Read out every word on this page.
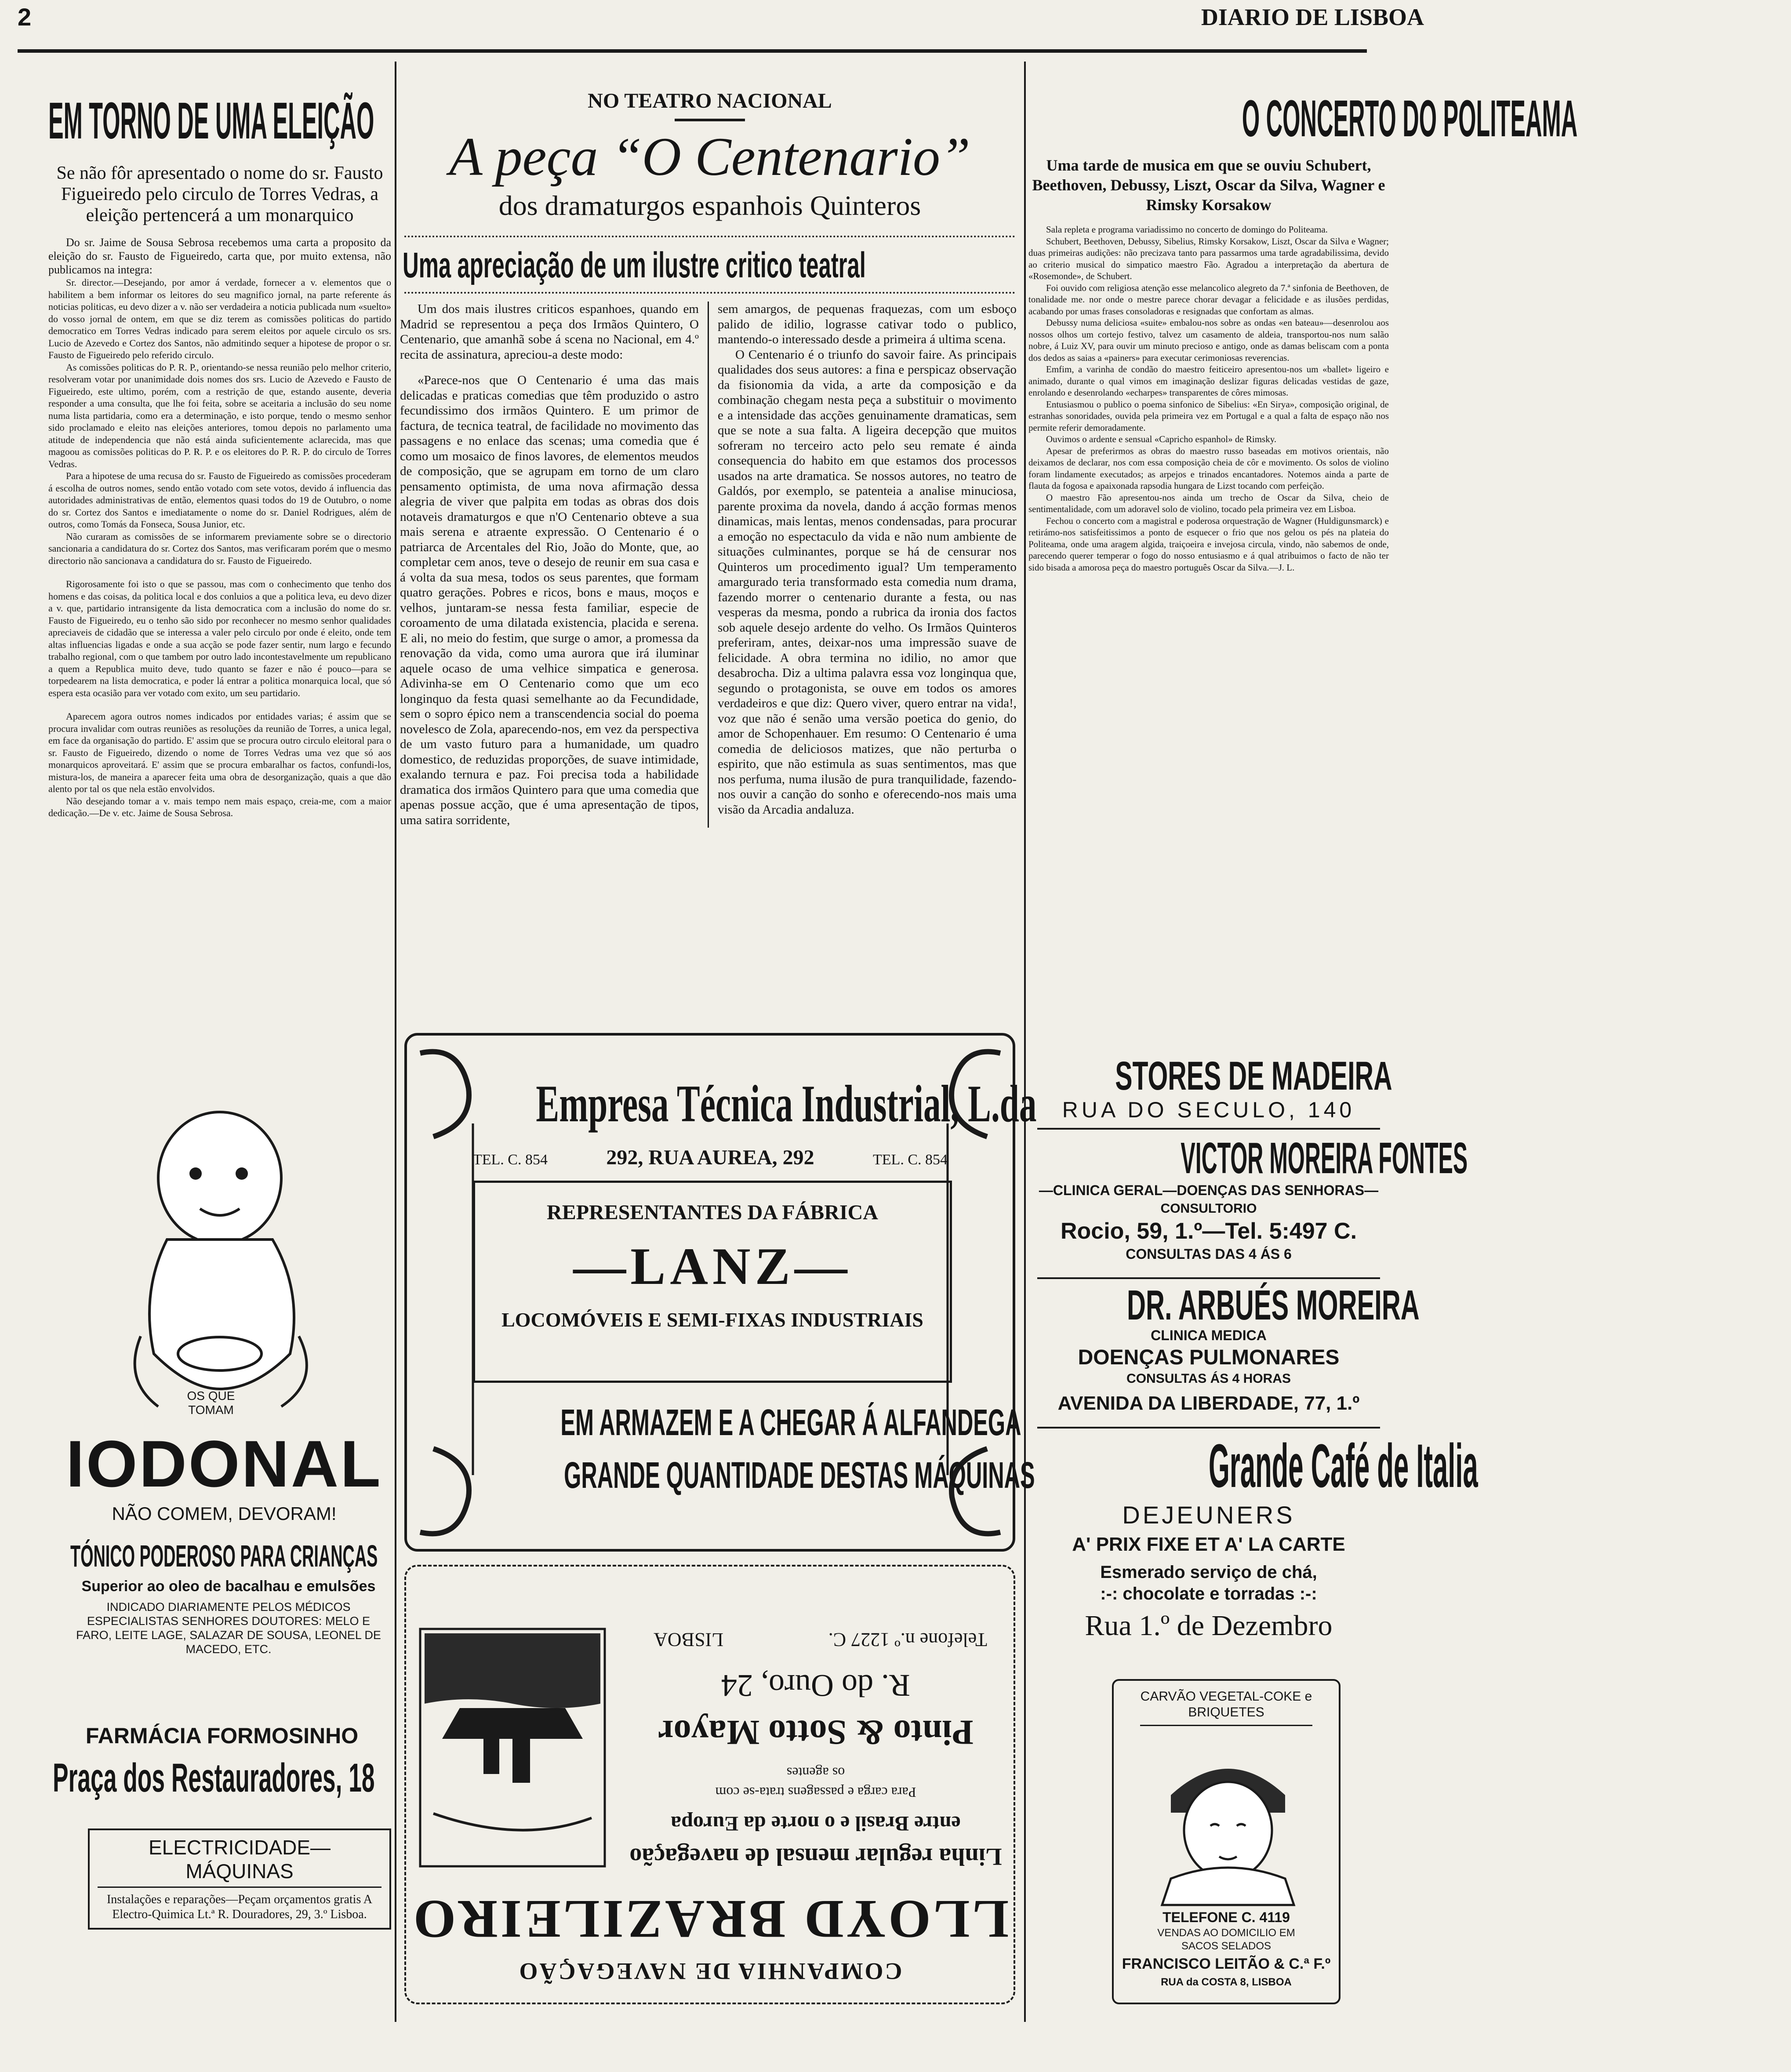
2	DIARIO DE LISBOA
EM TORNO DE UMA ELEIÇÃO
Se não fôr apresentado o nome do sr. Fausto Figueiredo pelo circulo de Torres Vedras, a eleição pertencerá a um monarquico

Do sr. Jaime de Sousa Sebrosa recebemos uma carta a proposito da eleição do sr. Fausto de Figueiredo, carta que, por muito extensa, não publicamos na integra:

Sr. director.—Desejando, por amor á verdade, fornecer a v. elementos que o habilitem a bem informar os leitores do seu magnifico jornal, na parte referente ás noticias politicas, eu devo dizer a v. não ser verdadeira a noticia publicada num «suelto» do vosso jornal de ontem, em que se diz terem as comissões politicas do partido democratico em Torres Vedras indicado para serem eleitos por aquele circulo os srs. Lucio de Azevedo e Cortez dos Santos, não admitindo sequer a hipotese de propor o sr. Fausto de Figueiredo pelo referido circulo.

As comissões politicas do P. R. P., orientando-se nessa reunião pelo melhor criterio, resolveram votar por unanimidade dois nomes dos srs. Lucio de Azevedo e Fausto de Figueiredo, este ultimo, porém, com a restrição de que, estando ausente, deveria responder a uma consulta, que lhe foi feita, sobre se aceitaria a inclusão do seu nome numa lista partidaria, como era a determinação, e isto porque, tendo o mesmo senhor sido proclamado e eleito nas eleições anteriores, tomou depois no parlamento uma atitude de independencia que não está ainda suficientemente aclarecida, mas que magoou as comissões politicas do P. R. P. e os eleitores do P. R. P. do circulo de Torres Vedras.

Para a hipotese de uma recusa do sr. Fausto de Figueiredo as comissões procederam á escolha de outros nomes, sendo então votado com sete votos, devido á influencia das autoridades administrativas de então, elementos quasi todos do 19 de Outubro, o nome do sr. Cortez dos Santos e imediatamente o nome do sr. Daniel Rodrigues, além de outros, como Tomás da Fonseca, Sousa Junior, etc.

Não curaram as comissões de se informarem previamente sobre se o directorio sancionaria a candidatura do sr. Cortez dos Santos, mas verificaram porém que o mesmo directorio não sancionava a candidatura do sr. Fausto de Figueiredo.

Rigorosamente foi isto o que se passou, mas com o conhecimento que tenho dos homens e das coisas, da politica local e dos conluios a que a politica leva, eu devo dizer a v. que, partidario intransigente da lista democratica com a inclusão do nome do sr. Fausto de Figueiredo, eu o tenho são sido por reconhecer no mesmo senhor qualidades apreciaveis de cidadão que se interessa a valer pelo circulo por onde é eleito, onde tem altas influencias ligadas e onde a sua acção se pode fazer sentir, num largo e fecundo trabalho regional, com o que tambem por outro lado incontestavelmente um republicano a quem a Republica muito deve, tudo quanto se fazer e não é pouco—para se torpedearem na lista democratica, e poder lá entrar a politica monarquica local, que só espera esta ocasião para ver votado com exito, um seu partidario.

Aparecem agora outros nomes indicados por entidades varias; é assim que se procura invalidar com outras reuniões as resoluções da reunião de Torres, a unica legal, em face da organisação do partido. E' assim que se procura outro circulo eleitoral para o sr. Fausto de Figueiredo, dizendo o nome de Torres Vedras uma vez que só aos monarquicos aproveitará. E' assim que se procura embaralhar os factos, confundi-los, mistura-los, de maneira a aparecer feita uma obra de desorganização, quais a que dão alento por tal os que nela estão envolvidos.

Não desejando tomar a v. mais tempo nem mais espaço, creia-me, com a maior dedicação.—De v. etc. Jaime de Sousa Sebrosa.

OS QUE TOMAM
IODONAL
NÃO COMEM, DEVORAM!
TÓNICO PODEROSO PARA CRIANÇAS
Superior ao oleo de bacalhau e emulsões
INDICADO DIARIAMENTE PELOS MÉDICOS ESPECIALISTAS SENHORES DOUTORES: MELO E FARO, LEITE LAGE, SALAZAR DE SOUSA, LEONEL DE MACEDO, ETC.
FARMÁCIA FORMOSINHO
Praça dos Restauradores, 18
ELECTRICIDADE—MÁQUINAS
Instalações e reparações—Peçam orçamentos gratis A Electro-Quimica Lt.ª R. Douradores, 29, 3.º Lisboa.
NO TEATRO NACIONAL
A peça “O Centenario”
dos dramaturgos espanhois Quinteros
Uma apreciação de um ilustre critico teatral

Um dos mais ilustres criticos espanhoes, quando em Madrid se representou a peça dos Irmãos Quintero, O Centenario, que amanhã sobe á scena no Nacional, em 4.º recita de assinatura, apreciou-a deste modo:

«Parece-nos que O Centenario é uma das mais delicadas e praticas comedias que têm produzido o astro fecundissimo dos irmãos Quintero. E um primor de factura, de tecnica teatral, de facilidade no movimento das passagens e no enlace das scenas; uma comedia que é como um mosaico de finos lavores, de elementos meudos de composição, que se agrupam em torno de um claro pensamento optimista, de uma nova afirmação dessa alegria de viver que palpita em todas as obras dos dois notaveis dramaturgos e que n'O Centenario obteve a sua mais serena e atraente expressão. O Centenario é o patriarca de Arcentales del Rio, João do Monte, que, ao completar cem anos, teve o desejo de reunir em sua casa e á volta da sua mesa, todos os seus parentes, que formam quatro gerações. Pobres e ricos, bons e maus, moços e velhos, juntaram-se nessa festa familiar, especie de coroamento de uma dilatada existencia, placida e serena. E ali, no meio do festim, que surge o amor, a promessa da renovação da vida, como uma aurora que irá iluminar aquele ocaso de uma velhice simpatica e generosa. Adivinha-se em O Centenario como que um eco longinquo da festa quasi semelhante ao da Fecundidade, sem o sopro épico nem a transcendencia social do poema novelesco de Zola, aparecendo-nos, em vez da perspectiva de um vasto futuro para a humanidade, um quadro domestico, de reduzidas proporções, de suave intimidade, exalando ternura e paz. Foi precisa toda a habilidade dramatica dos irmãos Quintero para que uma comedia que apenas possue acção, que é uma apresentação de tipos, uma satira sorridente,

sem amargos, de pequenas fraquezas, com um esboço palido de idilio, lograsse cativar todo o publico, mantendo-o interessado desde a primeira á ultima scena.

O Centenario é o triunfo do savoir faire. As principais qualidades dos seus autores: a fina e perspicaz observação da fisionomia da vida, a arte da composição e da combinação chegam nesta peça a substituir o movimento e a intensidade das acções genuinamente dramaticas, sem que se note a sua falta. A ligeira decepção que muitos sofreram no terceiro acto pelo seu remate é ainda consequencia do habito em que estamos dos processos usados na arte dramatica. Se nossos autores, no teatro de Galdós, por exemplo, se patenteia a analise minuciosa, parente proxima da novela, dando á acção formas menos dinamicas, mais lentas, menos condensadas, para procurar a emoção no espectaculo da vida e não num ambiente de situações culminantes, porque se há de censurar nos Quinteros um procedimento igual? Um temperamento amargurado teria transformado esta comedia num drama, fazendo morrer o centenario durante a festa, ou nas vesperas da mesma, pondo a rubrica da ironia dos factos sob aquele desejo ardente do velho. Os Irmãos Quinteros preferiram, antes, deixar-nos uma impressão suave de felicidade. A obra termina no idilio, no amor que desabrocha. Diz a ultima palavra essa voz longinqua que, segundo o protagonista, se ouve em todos os amores verdadeiros e que diz: Quero viver, quero entrar na vida!, voz que não é senão uma versão poetica do genio, do amor de Schopenhauer. Em resumo: O Centenario é uma comedia de deliciosos matizes, que não perturba o espirito, que não estimula as suas sentimentos, mas que nos perfuma, numa ilusão de pura tranquilidade, fazendo-nos ouvir a canção do sonho e oferecendo-nos mais uma visão da Arcadia andaluza.

Empresa Técnica Industrial, L.da
TEL. C. 854	292, RUA AUREA, 292	TEL. C. 854
REPRESENTANTES DA FÁBRICA
—LANZ—
LOCOMÓVEIS E SEMI-FIXAS INDUSTRIAIS
EM ARMAZEM E A CHEGAR Á ALFANDEGA
GRANDE QUANTIDADE DESTAS MÁQUINAS
COMPANHIA DE NAVEGAÇÃO
LLOYD BRAZILEIRO
Linha regular mensal de navegação
entre Brasil e o norte da Europa
Para carga e passagens trata-se com
os agentes
Pinto & Sotto Mayor
R. do Ouro, 24
Telefone n.º 1227 C.
LISBOA
O CONCERTO DO POLITEAMA
Uma tarde de musica em que se ouviu Schubert, Beethoven, Debussy, Liszt, Oscar da Silva, Wagner e Rimsky Korsakow

Sala repleta e programa variadissimo no concerto de domingo do Politeama.

Schubert, Beethoven, Debussy, Sibelius, Rimsky Korsakow, Liszt, Oscar da Silva e Wagner; duas primeiras audições: não precizava tanto para passarmos uma tarde agradabilissima, devido ao criterio musical do simpatico maestro Fão. Agradou a interpretação da abertura de «Rosemonde», de Schubert.

Foi ouvido com religiosa atenção esse melancolico alegreto da 7.ª sinfonia de Beethoven, de tonalidade me. nor onde o mestre parece chorar devagar a felicidade e as ilusões perdidas, acabando por umas frases consoladoras e resignadas que confortam as almas.

Debussy numa deliciosa «suite» embalou-nos sobre as ondas «en bateau»—desenrolou aos nossos olhos um cortejo festivo, talvez um casamento de aldeia, transportou-nos num salão nobre, á Luiz XV, para ouvir um minuto precioso e antigo, onde as damas beliscam com a ponta dos dedos as saias a «painers» para executar cerimoniosas reverencias.

Emfim, a varinha de condão do maestro feiticeiro apresentou-nos um «ballet» ligeiro e animado, durante o qual vimos em imaginação deslizar figuras delicadas vestidas de gaze, enrolando e desenrolando «echarpes» transparentes de côres mimosas.

Entusiasmou o publico o poema sinfonico de Sibelius: «En Sirya», composição original, de estranhas sonoridades, ouvida pela primeira vez em Portugal e a qual a falta de espaço não nos permite referir demoradamente.

Ouvimos o ardente e sensual «Capricho espanhol» de Rimsky.

Apesar de preferirmos as obras do maestro russo baseadas em motivos orientais, não deixamos de declarar, nos com essa composição cheia de côr e movimento. Os solos de violino foram lindamente executados; as arpejos e trinados encantadores. Notemos ainda a parte de flauta da fogosa e apaixonada rapsodia hungara de Lizst tocando com perfeição.

O maestro Fão apresentou-nos ainda um trecho de Oscar da Silva, cheio de sentimentalidade, com um adoravel solo de violino, tocado pela primeira vez em Lisboa.

Fechou o concerto com a magistral e poderosa orquestração de Wagner (Huldigunsmarck) e retirámo-nos satisfeitissimos a ponto de esquecer o frio que nos gelou os pés na plateia do Politeama, onde uma aragem algida, traiçoeira e invejosa circula, vindo, não sabemos de onde, parecendo querer temperar o fogo do nosso entusiasmo e á qual atribuimos o facto de não ter sido bisada a amorosa peça do maestro português Oscar da Silva.—J. L.

STORES DE MADEIRA
RUA DO SECULO, 140
VICTOR MOREIRA FONTES
—CLINICA GERAL—DOENÇAS DAS SENHORAS—
CONSULTORIO
Rocio, 59, 1.º—Tel. 5:497 C.
CONSULTAS DAS 4 ÁS 6
DR. ARBUÉS MOREIRA
CLINICA MEDICA
DOENÇAS PULMONARES
CONSULTAS ÁS 4 HORAS
AVENIDA DA LIBERDADE, 77, 1.º
Grande Café de Italia
DEJEUNERS
A' PRIX FIXE ET A' LA CARTE
Esmerado serviço de chá,
:-: chocolate e torradas :-:
Rua 1.º de Dezembro
CARVÃO VEGETAL-COKE e BRIQUETES
TELEFONE C. 4119
VENDAS AO DOMICILIO EM
SACOS SELADOS
FRANCISCO LEITÃO & C.ª F.º
RUA da COSTA 8, LISBOA
